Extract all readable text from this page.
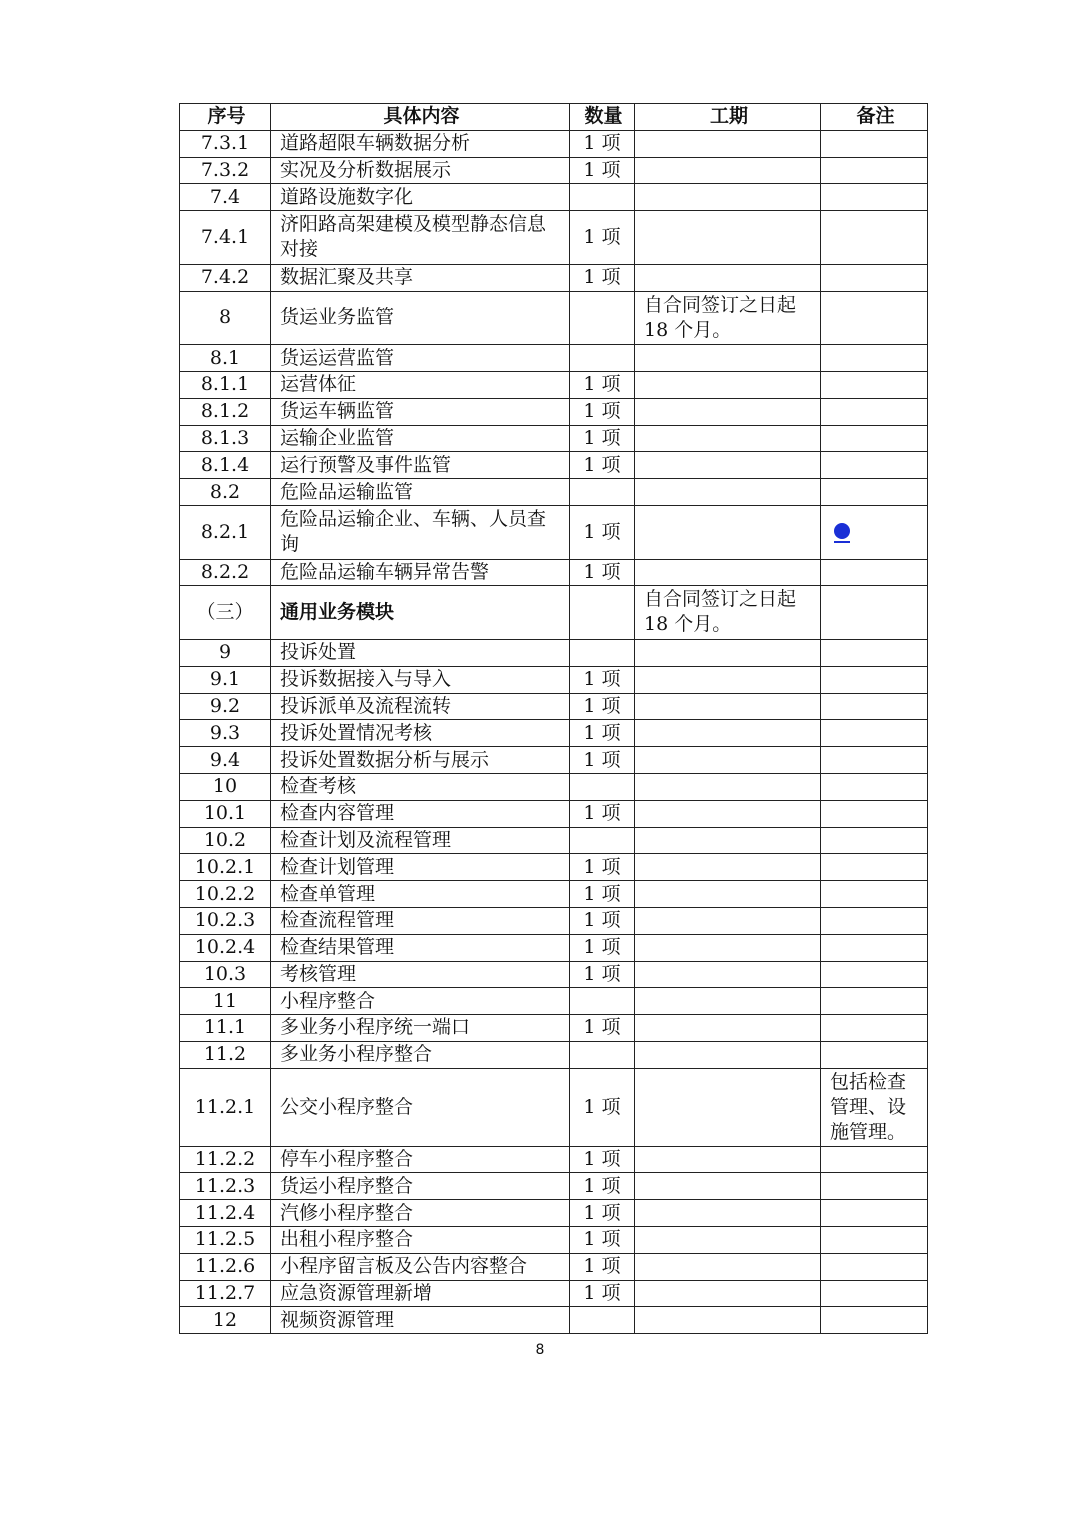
序号	具体内容	数量	工期	备注
7.3.1	道路超限车辆数据分析	1 项		
7.3.2	实况及分析数据展示	1 项		
7.4	道路设施数字化			
7.4.1	济阳路高架建模及模型静态信息对接	1 项		
7.4.2	数据汇聚及共享	1 项		
8	货运业务监管		自合同签订之日起 18 个月。	
8.1	货运运营监管			
8.1.1	运营体征	1 项		
8.1.2	货运车辆监管	1 项		
8.1.3	运输企业监管	1 项		
8.1.4	运行预警及事件监管	1 项		
8.2	危险品运输监管			
8.2.1	危险品运输企业、车辆、人员查询	1 项		
8.2.2	危险品运输车辆异常告警	1 项		
（三）	通用业务模块		自合同签订之日起 18 个月。	
9	投诉处置			
9.1	投诉数据接入与导入	1 项		
9.2	投诉派单及流程流转	1 项		
9.3	投诉处置情况考核	1 项		
9.4	投诉处置数据分析与展示	1 项		
10	检查考核			
10.1	检查内容管理	1 项		
10.2	检查计划及流程管理			
10.2.1	检查计划管理	1 项		
10.2.2	检查单管理	1 项		
10.2.3	检查流程管理	1 项		
10.2.4	检查结果管理	1 项		
10.3	考核管理	1 项		
11	小程序整合			
11.1	多业务小程序统一端口	1 项		
11.2	多业务小程序整合			
11.2.1	公交小程序整合	1 项		包括检查管理、设施管理。
11.2.2	停车小程序整合	1 项		
11.2.3	货运小程序整合	1 项		
11.2.4	汽修小程序整合	1 项		
11.2.5	出租小程序整合	1 项		
11.2.6	小程序留言板及公告内容整合	1 项		
11.2.7	应急资源管理新增	1 项		
12	视频资源管理			
8
